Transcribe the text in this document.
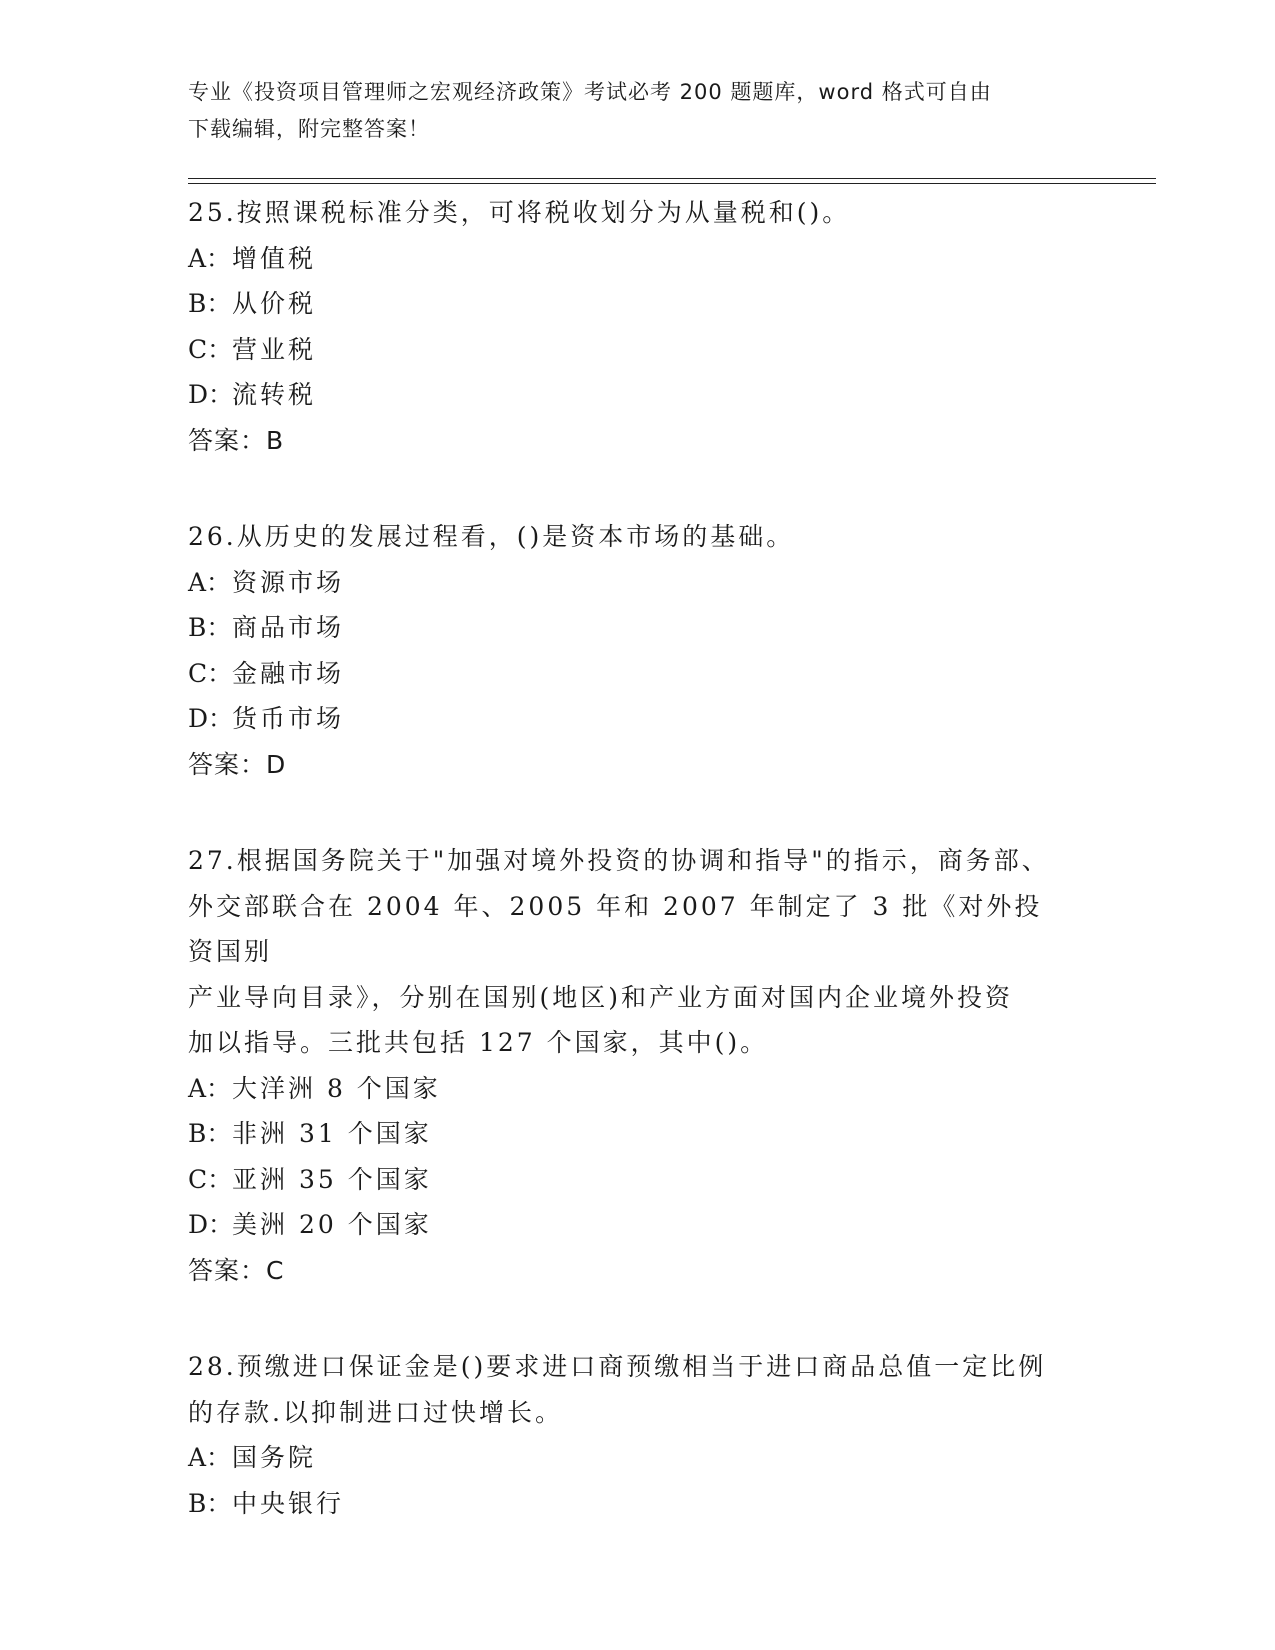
专业《投资项目管理师之宏观经济政策》考试必考 200 题题库，word 格式可自由
下载编辑，附完整答案！
25.按照课税标准分类，可将税收划分为从量税和()。
A：增值税
B：从价税
C：营业税
D：流转税
答案：B
26.从历史的发展过程看，()是资本市场的基础。
A：资源市场
B：商品市场
C：金融市场
D：货币市场
答案：D
27.根据国务院关于"加强对境外投资的协调和指导"的指示，商务部、
外交部联合在 2004 年、2005 年和 2007 年制定了 3 批《对外投资国别
产业导向目录》，分别在国别(地区)和产业方面对国内企业境外投资
加以指导。三批共包括 127 个国家，其中()。
A：大洋洲 8 个国家
B：非洲 31 个国家
C：亚洲 35 个国家
D：美洲 20 个国家
答案：C
28.预缴进口保证金是()要求进口商预缴相当于进口商品总值一定比例
的存款.以抑制进口过快增长。
A：国务院
B：中央银行
